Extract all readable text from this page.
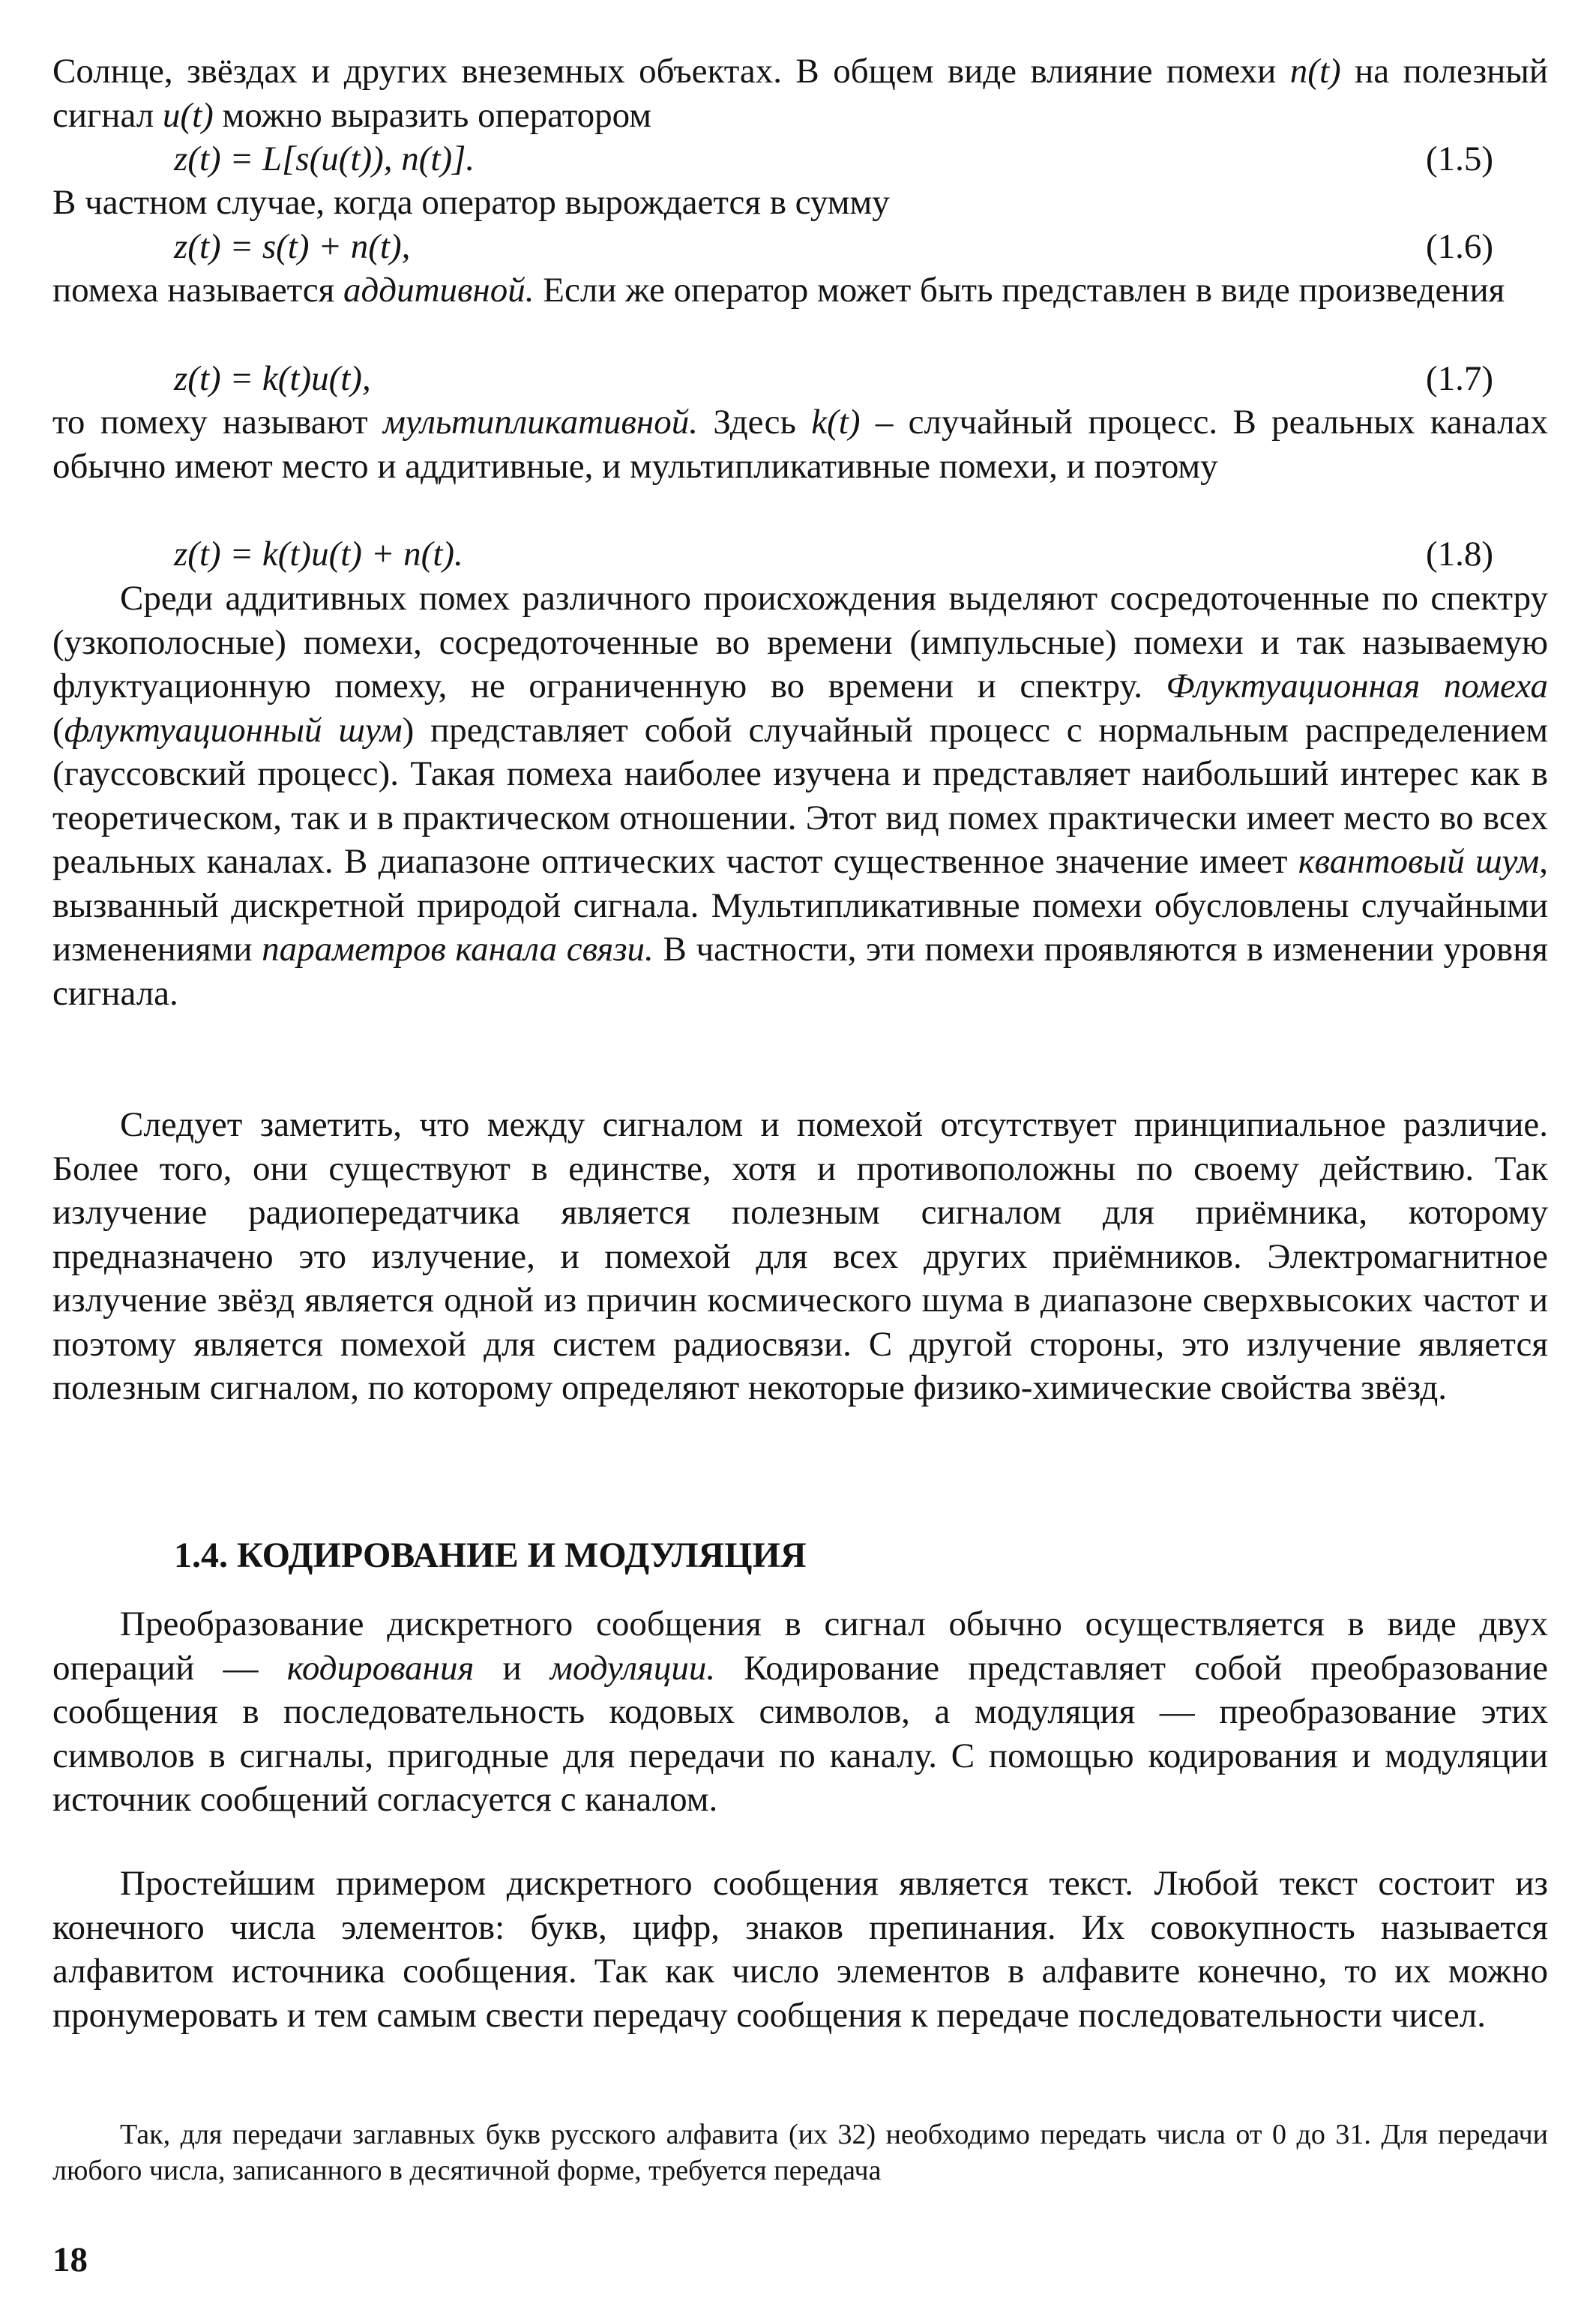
Солнце, звёздах и других внеземных объектах. В общем виде влияние помехи n(t) на полезный сигнал u(t) можно выразить оператором

z(t) = L[s(u(t)), n(t)].	(1.5)

В частном случае, когда оператор вырождается в сумму

z(t) = s(t) + n(t),	(1.6)

помеха называется аддитивной. Если же оператор может быть представлен в виде произведения

z(t) = k(t)u(t),	(1.7)

то помеху называют мультипликативной. Здесь k(t) – случайный процесс. В реальных каналах обычно имеют место и аддитивные, и мультипликативные помехи, и поэтому

z(t) = k(t)u(t) + n(t).	(1.8)

Среди аддитивных помех различного происхождения выделяют сосредоточенные по спектру (узкополосные) помехи, сосредоточенные во времени (импульсные) помехи и так называемую флуктуационную помеху, не ограниченную во времени и спектру. Флуктуационная помеха (флуктуационный шум) представляет собой случайный процесс с нормальным распределением (гауссовский процесс). Такая помеха наиболее изучена и представляет наибольший интерес как в теоретическом, так и в практическом отношении. Этот вид помех практически имеет место во всех реальных каналах. В диапазоне оптических частот существенное значение имеет квантовый шум, вызванный дискретной природой сигнала. Мультипликативные помехи обусловлены случайными изменениями параметров канала связи. В частности, эти помехи проявляются в изменении уровня сигнала.

Следует заметить, что между сигналом и помехой отсутствует принципиальное различие. Более того, они существуют в единстве, хотя и противоположны по своему действию. Так излучение радиопередатчика является полезным сигналом для приёмника, которому предназначено это излучение, и помехой для всех других приёмников. Электромагнитное излучение звёзд является одной из причин космического шума в диапазоне сверхвысоких частот и поэтому является помехой для систем радиосвязи. С другой стороны, это излучение является полезным сигналом, по которому определяют некоторые физико-химические свойства звёзд.

1.4. КОДИРОВАНИЕ И МОДУЛЯЦИЯ

Преобразование дискретного сообщения в сигнал обычно осуществляется в виде двух операций — кодирования и модуляции. Кодирование представляет собой преобразование сообщения в последовательность кодовых символов, а модуляция — преобразование этих символов в сигналы, пригодные для передачи по каналу. С помощью кодирования и модуляции источник сообщений согласуется с каналом.

Простейшим примером дискретного сообщения является текст. Любой текст состоит из конечного числа элементов: букв, цифр, знаков препинания. Их совокупность называется алфавитом источника сообщения. Так как число элементов в алфавите конечно, то их можно пронумеровать и тем самым свести передачу сообщения к передаче последовательности чисел.

Так, для передачи заглавных букв русского алфавита (их 32) необходимо передать числа от 0 до 31. Для передачи любого числа, записанного в десятичной форме, требуется передача

18
